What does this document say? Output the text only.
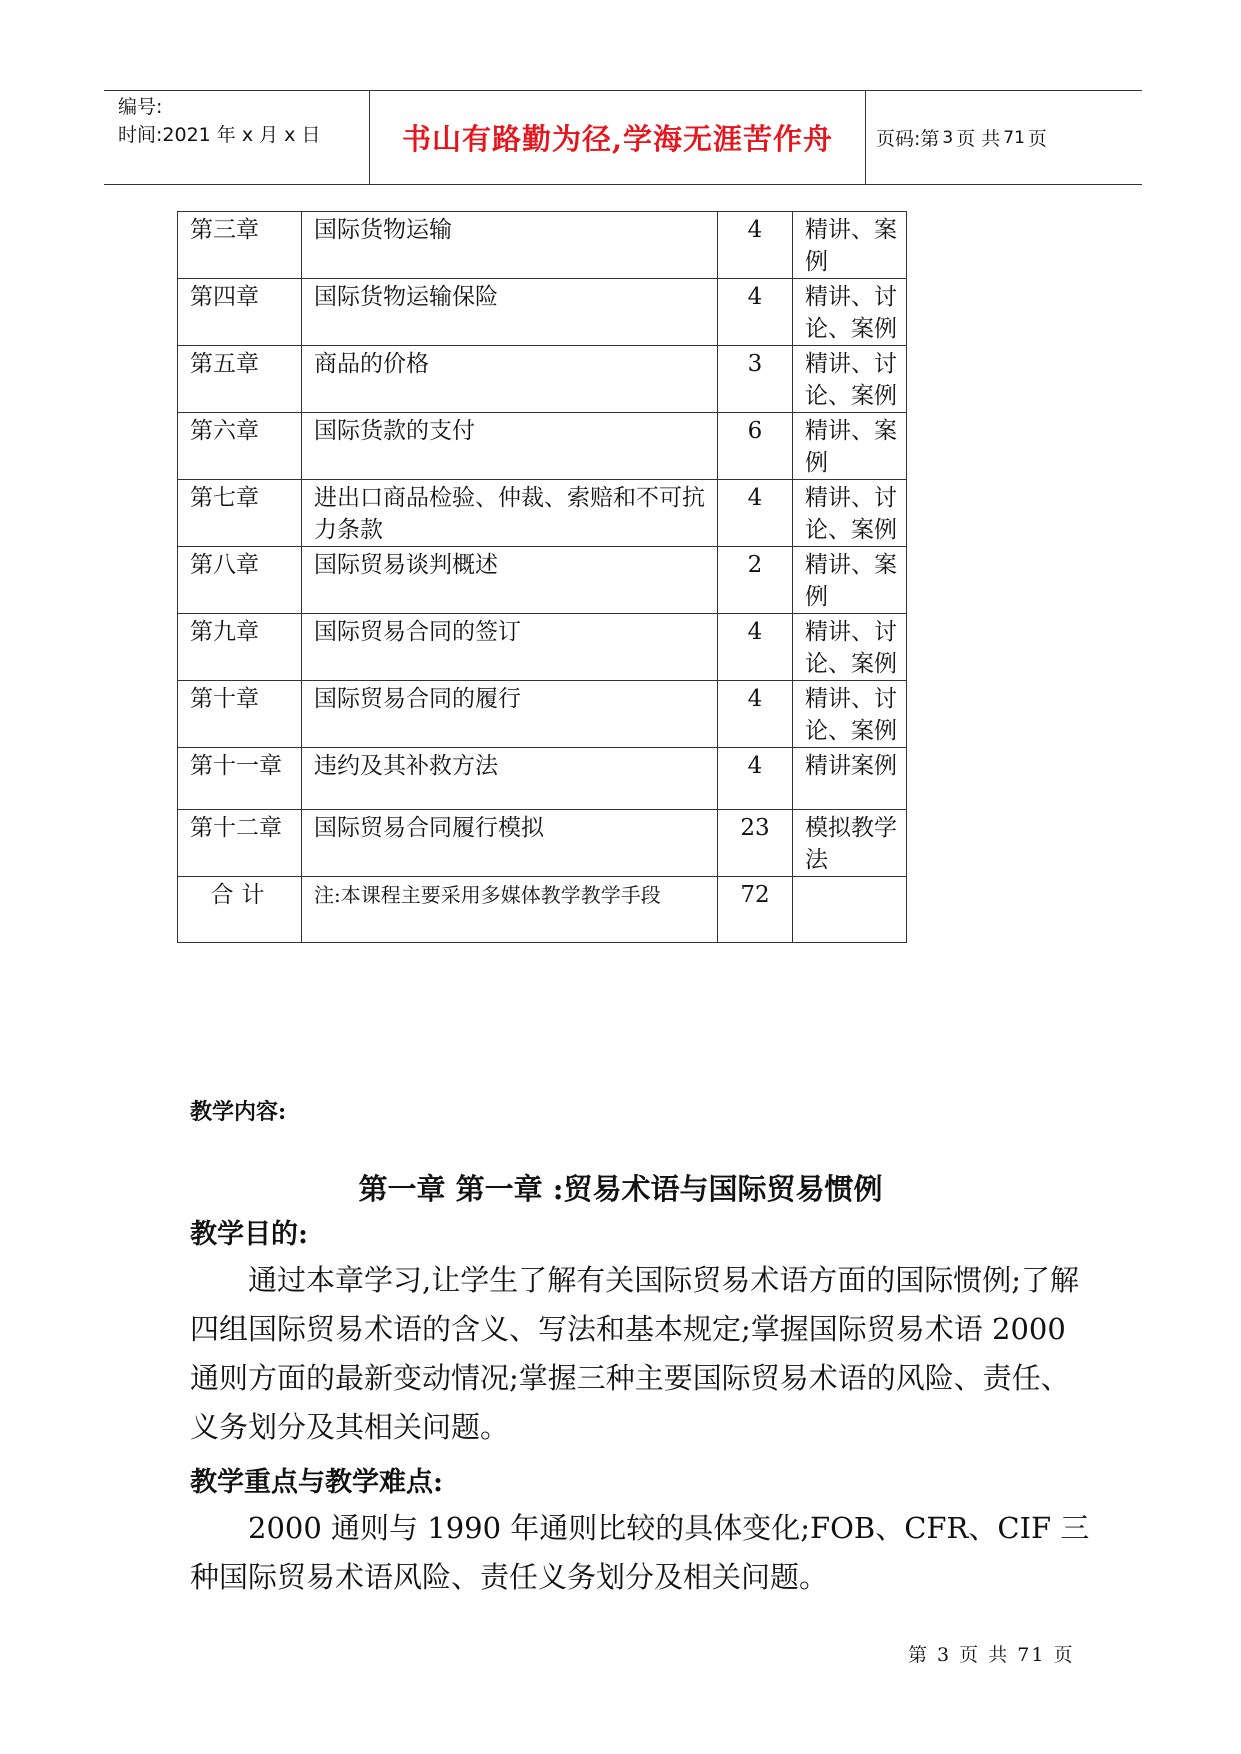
编号:
时间:2021 年 x 月 x 日	书山有路勤为径,学海无涯苦作舟	页码:第 3 页 共 71 页
第三章	国际货物运输	4	精讲、案例
第四章	国际货物运输保险	4	精讲、讨论、案例
第五章	商品的价格	3	精讲、讨论、案例
第六章	国际货款的支付	6	精讲、案例
第七章	进出口商品检验、仲裁、索赔和不可抗力条款	4	精讲、讨论、案例
第八章	国际贸易谈判概述	2	精讲、案例
第九章	国际贸易合同的签订	4	精讲、讨论、案例
第十章	国际贸易合同的履行	4	精讲、讨论、案例
第十一章	违约及其补救方法	4	精讲案例
第十二章	国际贸易合同履行模拟	23	模拟教学法
合计	注:本课程主要采用多媒体教学教学手段	72	
教学内容:
第一章 第一章 :贸易术语与国际贸易惯例
教学目的:
通过本章学习,让学生了解有关国际贸易术语方面的国际惯例;了解四组国际贸易术语的含义、写法和基本规定;掌握国际贸易术语 2000 通则方面的最新变动情况;掌握三种主要国际贸易术语的风险、责任、义务划分及其相关问题。
教学重点与教学难点:
2000 通则与 1990 年通则比较的具体变化;FOB、CFR、CIF 三种国际贸易术语风险、责任义务划分及相关问题。
第 3 页 共 71 页
